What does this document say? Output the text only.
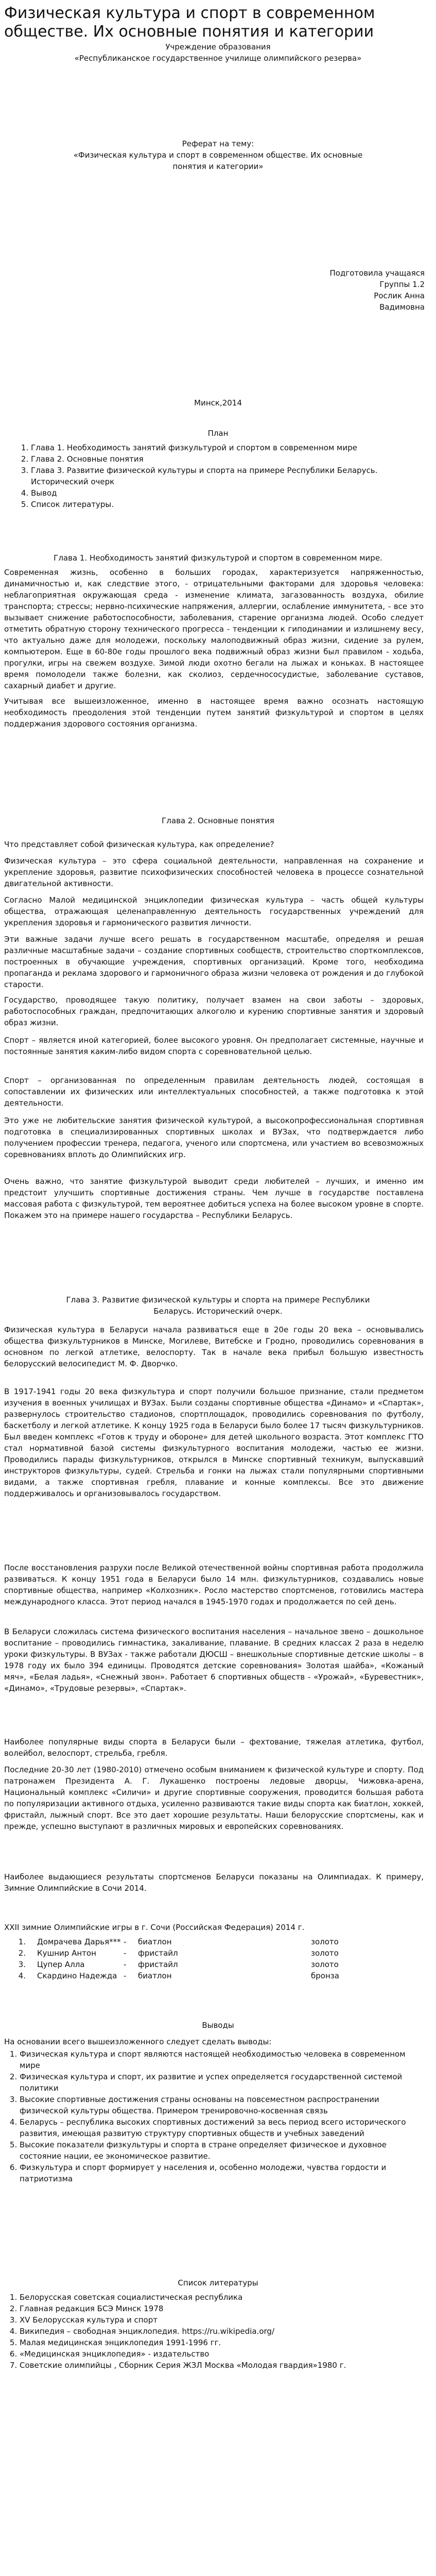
Физическая культура и спорт в современном обществе. Их основные понятия и категории

Учреждение образования

«Республиканское государственное училище олимпийского резерва»

Реферат на тему:

«Физическая культура и спорт в современном обществе. Их основные понятия и категории»

Подготовила учащаяся

Группы 1.2

Рослик Анна

Вадимовна

Минск,2014

План

1. Глава 1. Необходимость занятий физкультурой и спортом в современном мире
2. Глава 2. Основные понятия
3. Глава 3. Развитие физической культуры и спорта на примере Республики Беларусь. Исторический очерк
4. Вывод
5. Список литературы.

Глава 1. Необходимость занятий физкультурой и спортом в современном мире.

Современная жизнь, особенно в больших городах, характеризуется напряженностью, динамичностью и, как следствие этого, - отрицательными факторами для здоровья человека: неблагоприятная окружающая среда - изменение климата, загазованность воздуха, обилие транспорта; стрессы; нервно-психические напряжения, аллергии, ослабление иммунитета, - все это вызывает снижение работоспособности, заболевания, старение организма людей. Особо следует отметить обратную сторону технического прогресса - тенденции к гиподинамии и излишнему весу, что актуально даже для молодежи, поскольку малоподвижный образ жизни, сидение за рулем, компьютером. Еще в 60-80е годы прошлого века подвижный образ жизни был правилом - ходьба, прогулки, игры на свежем воздухе. Зимой люди охотно бегали на лыжах и коньках. В настоящее время помолодели также болезни, как сколиоз, сердечнососудистые, заболевание суставов, сахарный диабет и другие.

Учитывая все вышеизложенное, именно в настоящее время важно осознать настоящую необходимость преодоления этой тенденции путем занятий физкультурой и спортом в целях поддержания здорового состояния организма.

Глава 2. Основные понятия

Что представляет собой физическая культура, как определение?

Физическая культура – это сфера социальной деятельности, направленная на сохранение и укрепление здоровья, развитие психофизических способностей человека в процессе сознательной двигательной активности.

Согласно Малой медицинской энциклопедии физическая культура – часть общей культуры общества, отражающая целенаправленную деятельность государственных учреждений для укрепления здоровья и гармонического развития личности.

Эти важные задачи лучше всего решать в государственном масштабе, определяя и решая различные масштабные задачи – создание спортивных сообществ, строительство спорткомплексов, построенных в обучающие учреждения, спортивных организаций. Кроме того, необходима пропаганда и реклама здорового и гармоничного образа жизни человека от рождения и до глубокой старости.

Государство, проводящее такую политику, получает взамен на свои заботы – здоровых, работоспособных граждан, предпочитающих алкоголю и курению спортивные занятия и здоровый образ жизни.

Спорт – является иной категорией, более высокого уровня. Он предполагает системные, научные и постоянные занятия каким-либо видом спорта с соревновательной целью.

Спорт – организованная по определенным правилам деятельность людей, состоящая в сопоставлении их физических или интеллектуальных способностей, а также подготовка к этой деятельности.

Это уже не любительские занятия физической культурой, а высокопрофессиональная спортивная подготовка в специализированных спортивных школах и ВУЗах, что подтверждается либо получением профессии тренера, педагога, ученого или спортсмена, или участием во всевозможных соревнованиях вплоть до Олимпийских игр.

Очень важно, что занятие физкультурой выводит среди любителей – лучших, и именно им предстоит улучшить спортивные достижения страны. Чем лучше в государстве поставлена массовая работа с физкультурой, тем вероятнее добиться успеха на более высоком уровне в спорте. Покажем это на примере нашего государства – Республики Беларусь.

Глава 3. Развитие физической культуры и спорта на примере Республики

Беларусь. Исторический очерк.

Физическая культура в Беларуси начала развиваться еще в 20е годы 20 века – основывались общества физкультурников в Минске, Могилеве, Витебске и Гродно, проводились соревнования в основном по легкой атлетике, велоспорту. Так в начале века прибыл большую известность белорусский велосипедист М. Ф. Дворчко.

В 1917-1941 годы 20 века физкультура и спорт получили большое признание, стали предметом изучения в военных училищах и ВУЗах. Были созданы спортивные общества «Динамо» и «Спартак», развернулось строительство стадионов, спортплощадок, проводились соревнования по футболу, баскетболу и легкой атлетике. К концу 1925 года в Беларуси было более 17 тысяч физкультурников. Был введен комплекс «Готов к труду и обороне» для детей школьного возраста. Этот комплекс ГТО стал нормативной базой системы физкультурного воспитания молодежи, частью ее жизни. Проводились парады физкультурников, открылся в Минске спортивный техникум, выпускавший инструкторов физкультуры, судей. Стрельба и гонки на лыжах стали популярными спортивными видами, а также спортивная гребля, плавание и конные комплексы. Все это движение поддерживалось и организовывалось государством.

После восстановления разрухи после Великой отечественной войны спортивная работа продолжила развиваться. К концу 1951 года в Беларуси было 14 млн. физкультурников, создавались новые спортивные общества, например «Колхозник». Росло мастерство спортсменов, готовились мастера международного класса. Этот период начался в 1945-1970 годах и продолжается по сей день.

В Беларуси сложилась система физического воспитания населения – начальное звено – дошкольное воспитание – проводились гимнастика, закаливание, плавание. В средних классах 2 раза в неделю уроки физкультуры. В ВУЗах - также работали ДЮСШ – внешкольные спортивные детские школы – в 1978 году их было 394 единицы. Проводятся детские соревнования» Золотая шайба», «Кожаный мяч», «Белая ладья», «Снежный звон». Работает 6 спортивных обществ - «Урожай», «Буревестник», «Динамо», «Трудовые резервы», «Спартак».

Наиболее популярные виды спорта в Беларуси были – фехтование, тяжелая атлетика, футбол, волейбол, велоспорт, стрельба, гребля.

Последние 20-30 лет (1980-2010) отмечено особым вниманием к физической культуре и спорту. Под патронажем Президента А. Г. Лукашенко построены ледовые дворцы, Чижовка-арена, Национальный комплекс «Силичи» и другие спортивные сооружения, проводится большая работа по популяризации активного отдыха, усиленно развиваются такие виды спорта как биатлон, хоккей, фристайл, лыжный спорт. Все это дает хорошие результаты. Наши белорусские спортсмены, как и прежде, успешно выступают в различных мировых и европейских соревнованиях.

Наиболее выдающиеся результаты спортсменов Беларуси показаны на Олимпиадах. К примеру, Зимние Олимпийские в Сочи 2014.

XXII зимние Олимпийские игры в г. Сочи (Российская Федерация) 2014 г.

1.	Домрачева Дарья*** -	биатлон	золото
2.	Кушнир Антон	-	фристайл	золото
3.	Цупер Алла	-	фристайл	золото
4.	Скардино Надежда -	биатлон	бронза

Выводы

На основании всего вышеизложенного следует сделать выводы:

1. Физическая культура и спорт являются настоящей необходимостью человека в современном мире
2. Физическая культура и спорт, их развитие и успех определяется государственной системой политики
3. Высокие спортивные достижения страны основаны на повсеместном распространении физической культуры общества. Примером тренировочно-косвенная связь
4. Беларусь – республика высоких спортивных достижений за весь период всего исторического развития, имеющая развитую структуру спортивных обществ и учебных заведений
5. Высокие показатели физкультуры и спорта в стране определяет физическое и духовное состояние нации, ее экономическое развитие.
6. Физкультура и спорт формирует у населения и, особенно молодежи, чувства гордости и патриотизма

Список литературы

1. Белорусская советская социалистическая республика
2. Главная редакция БСЭ Минск 1978
3. XV Белорусская культура и спорт
4. Википедия – свободная энциклопедия. https://ru.wikipedia.org/
5. Малая медицинская энциклопедия 1991-1996 гг.
6. «Медицинская энциклопедия» - издательство
7. Советские олимпийцы , Сборник Серия ЖЗЛ Москва «Молодая гвардия»1980 г.
